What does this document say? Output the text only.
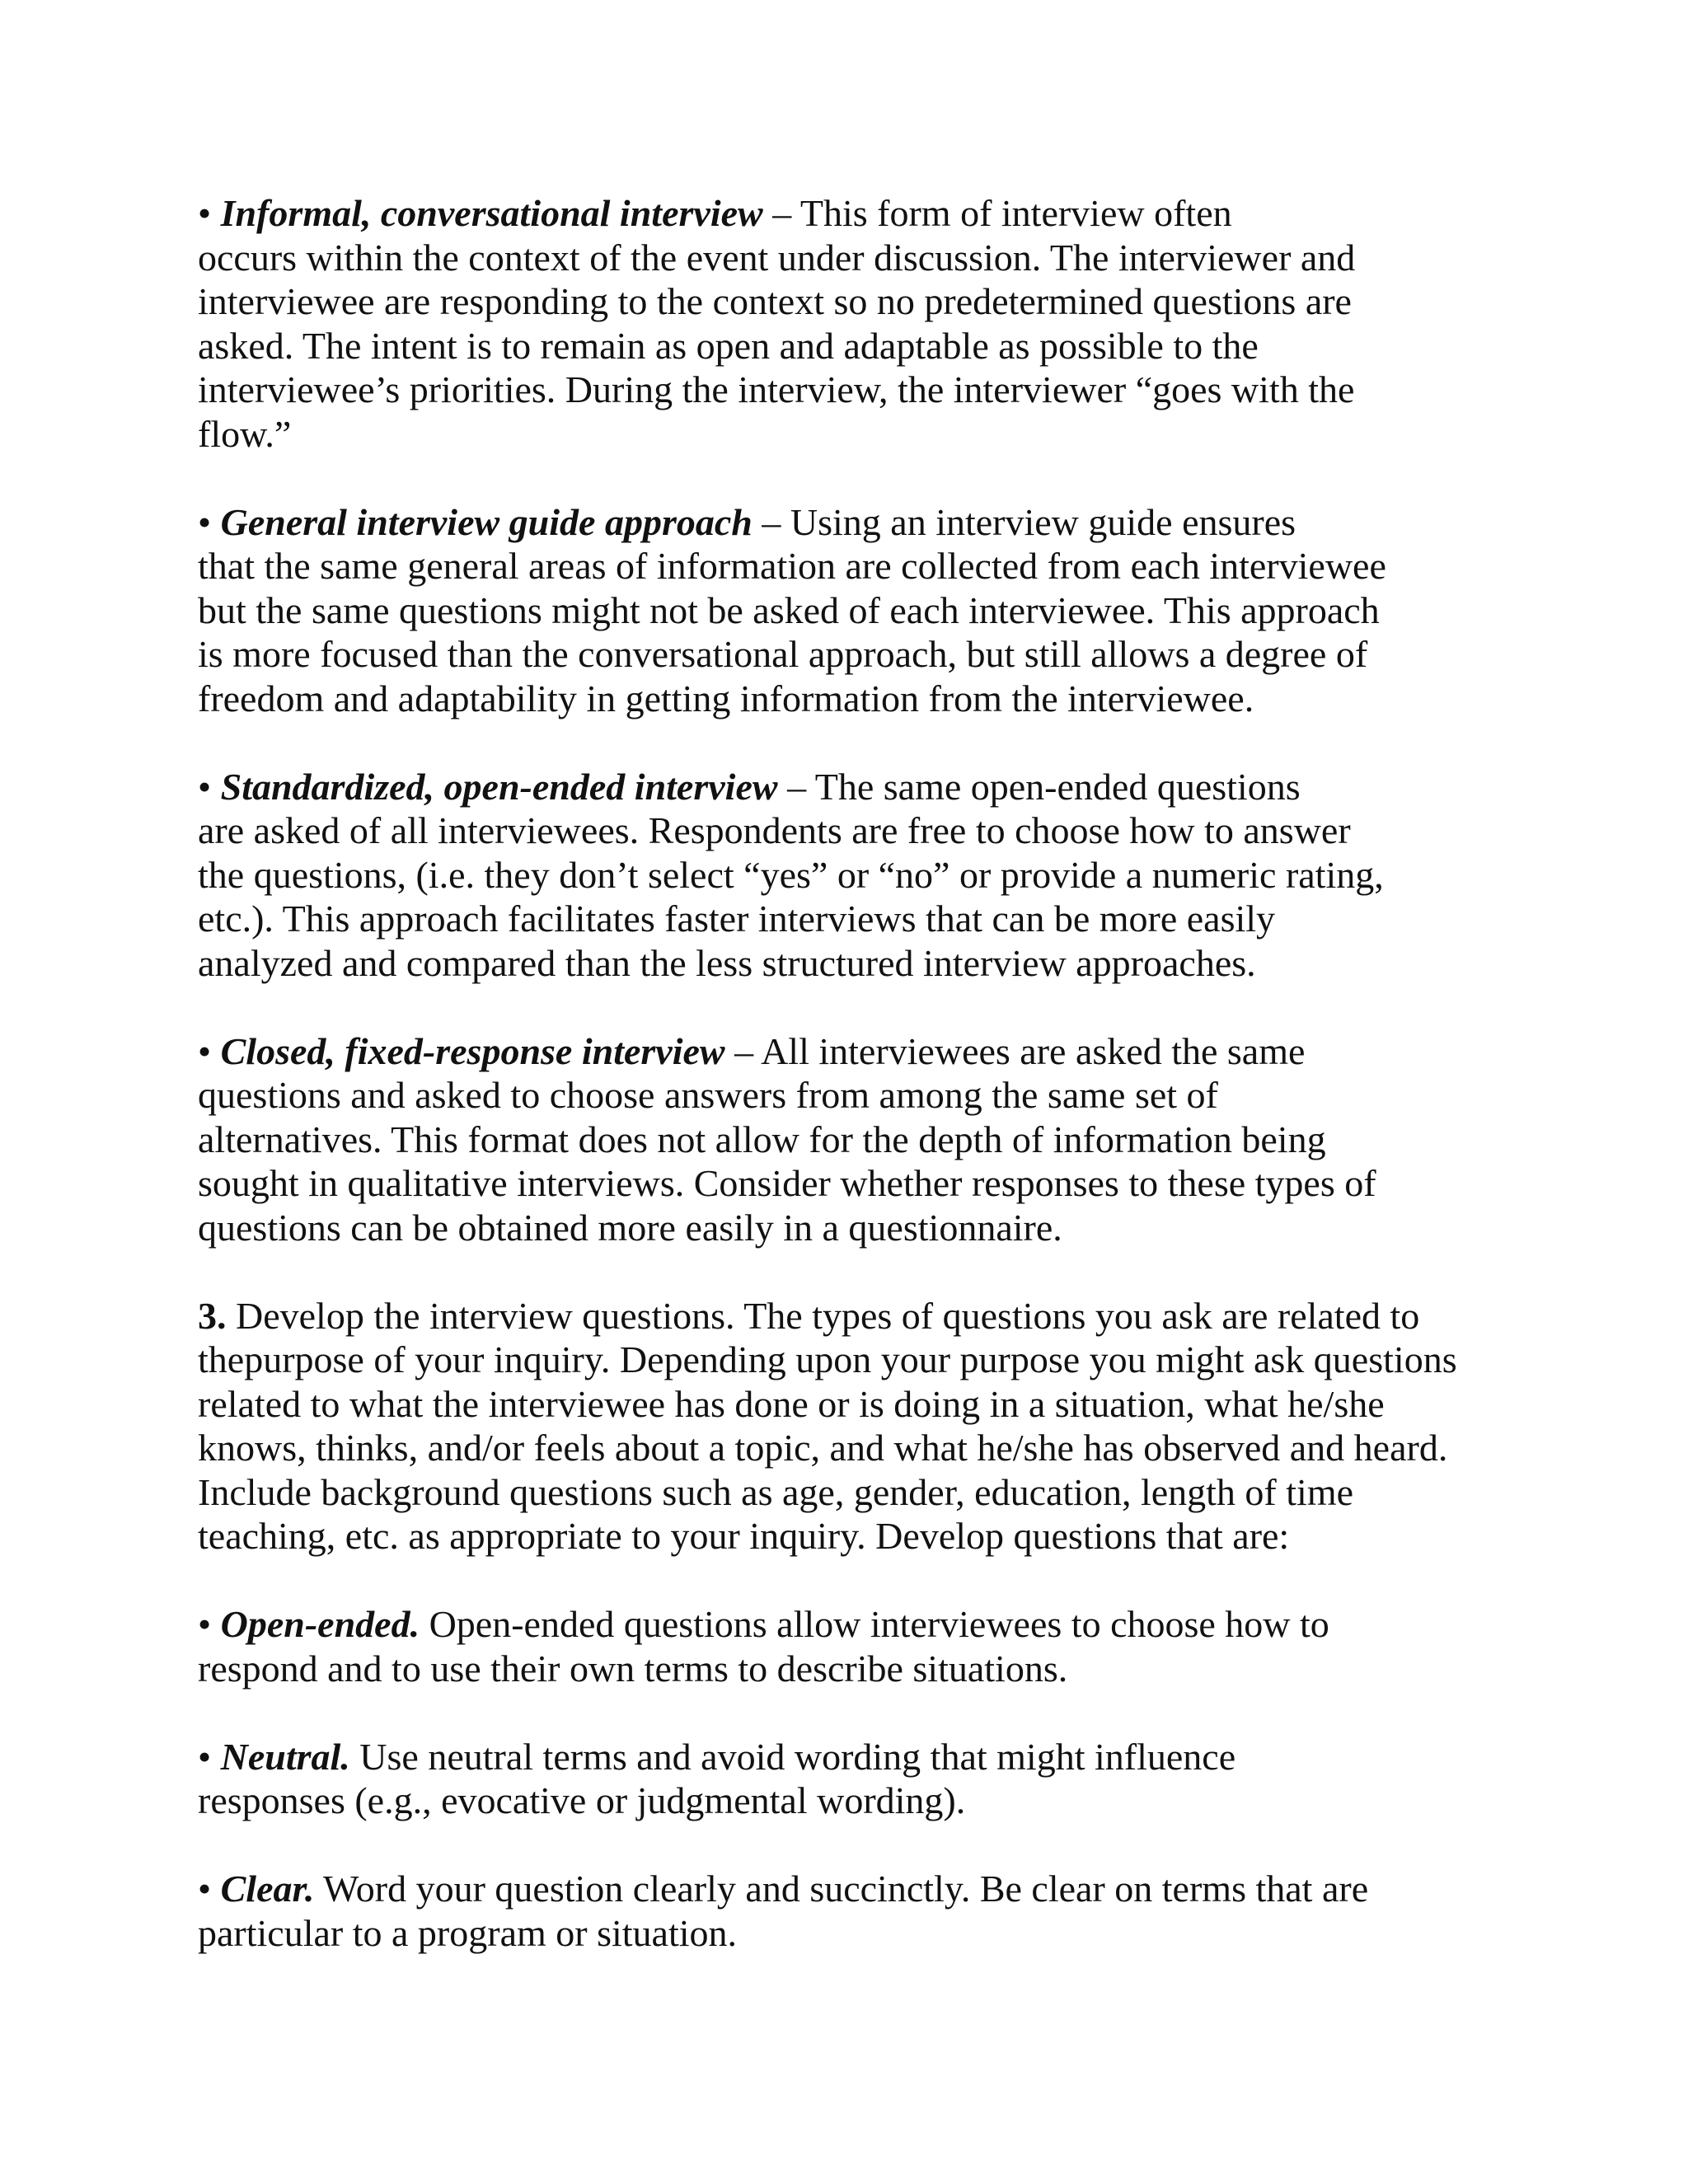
• Informal, conversational interview – This form of interview often
occurs within the context of the event under discussion. The interviewer and
interviewee are responding to the context so no predetermined questions are
asked. The intent is to remain as open and adaptable as possible to the
interviewee’s priorities. During the interview, the interviewer “goes with the
flow.”

• General interview guide approach – Using an interview guide ensures
that the same general areas of information are collected from each interviewee
but the same questions might not be asked of each interviewee. This approach
is more focused than the conversational approach, but still allows a degree of
freedom and adaptability in getting information from the interviewee.

• Standardized, open-ended interview – The same open-ended questions
are asked of all interviewees. Respondents are free to choose how to answer
the questions, (i.e. they don’t select “yes” or “no” or provide a numeric rating,
etc.). This approach facilitates faster interviews that can be more easily
analyzed and compared than the less structured interview approaches.

• Closed, fixed-response interview – All interviewees are asked the same
questions and asked to choose answers from among the same set of
alternatives. This format does not allow for the depth of information being
sought in qualitative interviews. Consider whether responses to these types of
questions can be obtained more easily in a questionnaire.

3. Develop the interview questions. The types of questions you ask are related to
thepurpose of your inquiry. Depending upon your purpose you might ask questions
related to what the interviewee has done or is doing in a situation, what he/she
knows, thinks, and/or feels about a topic, and what he/she has observed and heard.
Include background questions such as age, gender, education, length of time
teaching, etc. as appropriate to your inquiry. Develop questions that are:

• Open-ended. Open-ended questions allow interviewees to choose how to
respond and to use their own terms to describe situations.

• Neutral. Use neutral terms and avoid wording that might influence
responses (e.g., evocative or judgmental wording).

• Clear. Word your question clearly and succinctly. Be clear on terms that are
particular to a program or situation.
